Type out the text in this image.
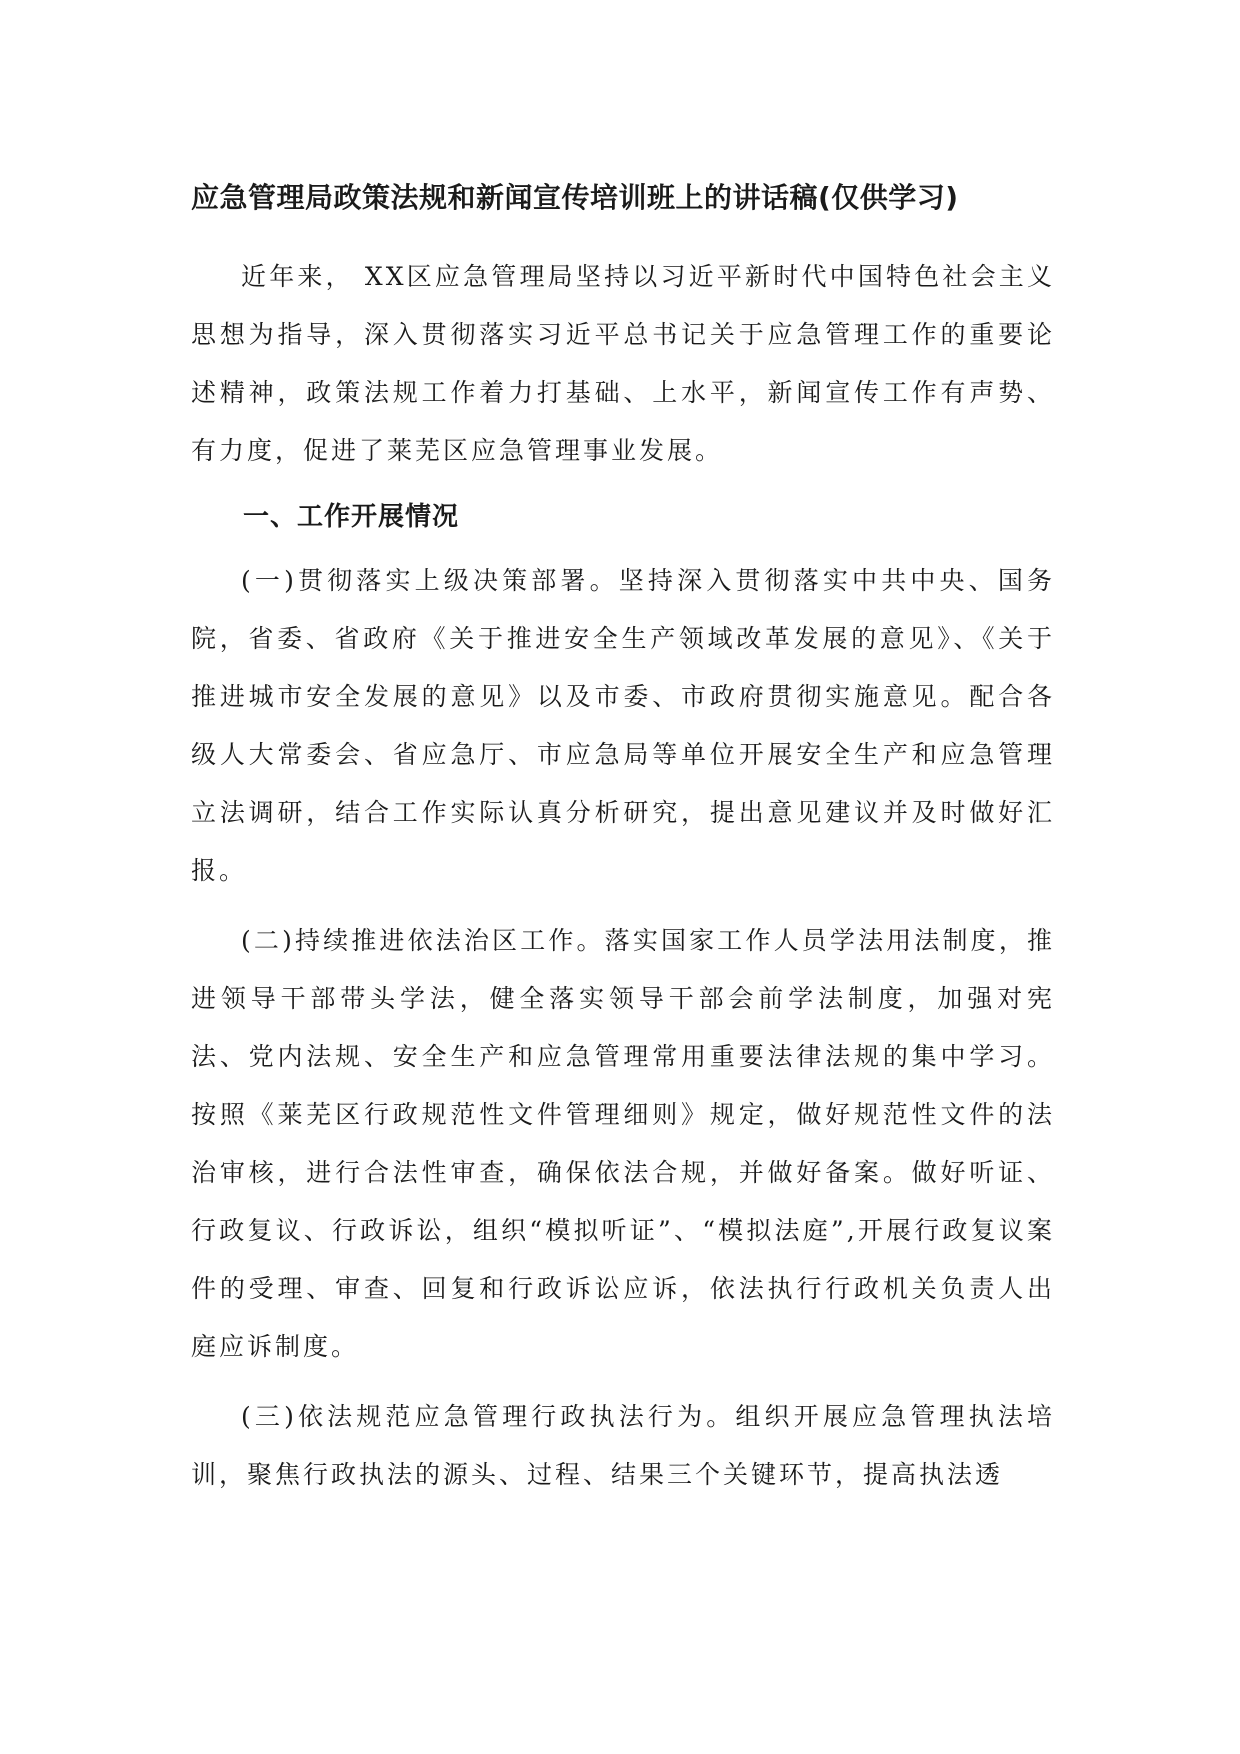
应急管理局政策法规和新闻宣传培训班上的讲话稿(仅供学习)

近年来， XX区应急管理局坚持以习近平新时代中国特色社会主义思想为指导，深入贯彻落实习近平总书记关于应急管理工作的重要论述精神，政策法规工作着力打基础、上水平，新闻宣传工作有声势、有力度，促进了莱芜区应急管理事业发展。

一、工作开展情况

(一)贯彻落实上级决策部署。坚持深入贯彻落实中共中央、国务院，省委、省政府《关于推进安全生产领域改革发展的意见》、《关于推进城市安全发展的意见》以及市委、市政府贯彻实施意见。配合各级人大常委会、省应急厅、市应急局等单位开展安全生产和应急管理立法调研，结合工作实际认真分析研究，提出意见建议并及时做好汇报。

(二)持续推进依法治区工作。落实国家工作人员学法用法制度，推进领导干部带头学法，健全落实领导干部会前学法制度，加强对宪法、党内法规、安全生产和应急管理常用重要法律法规的集中学习。按照《莱芜区行政规范性文件管理细则》规定，做好规范性文件的法治审核，进行合法性审查，确保依法合规，并做好备案。做好听证、行政复议、行政诉讼，组织“模拟听证”、“模拟法庭”,开展行政复议案件的受理、审查、回复和行政诉讼应诉，依法执行行政机关负责人出庭应诉制度。

(三)依法规范应急管理行政执法行为。组织开展应急管理执法培训，聚焦行政执法的源头、过程、结果三个关键环节，提高执法透
